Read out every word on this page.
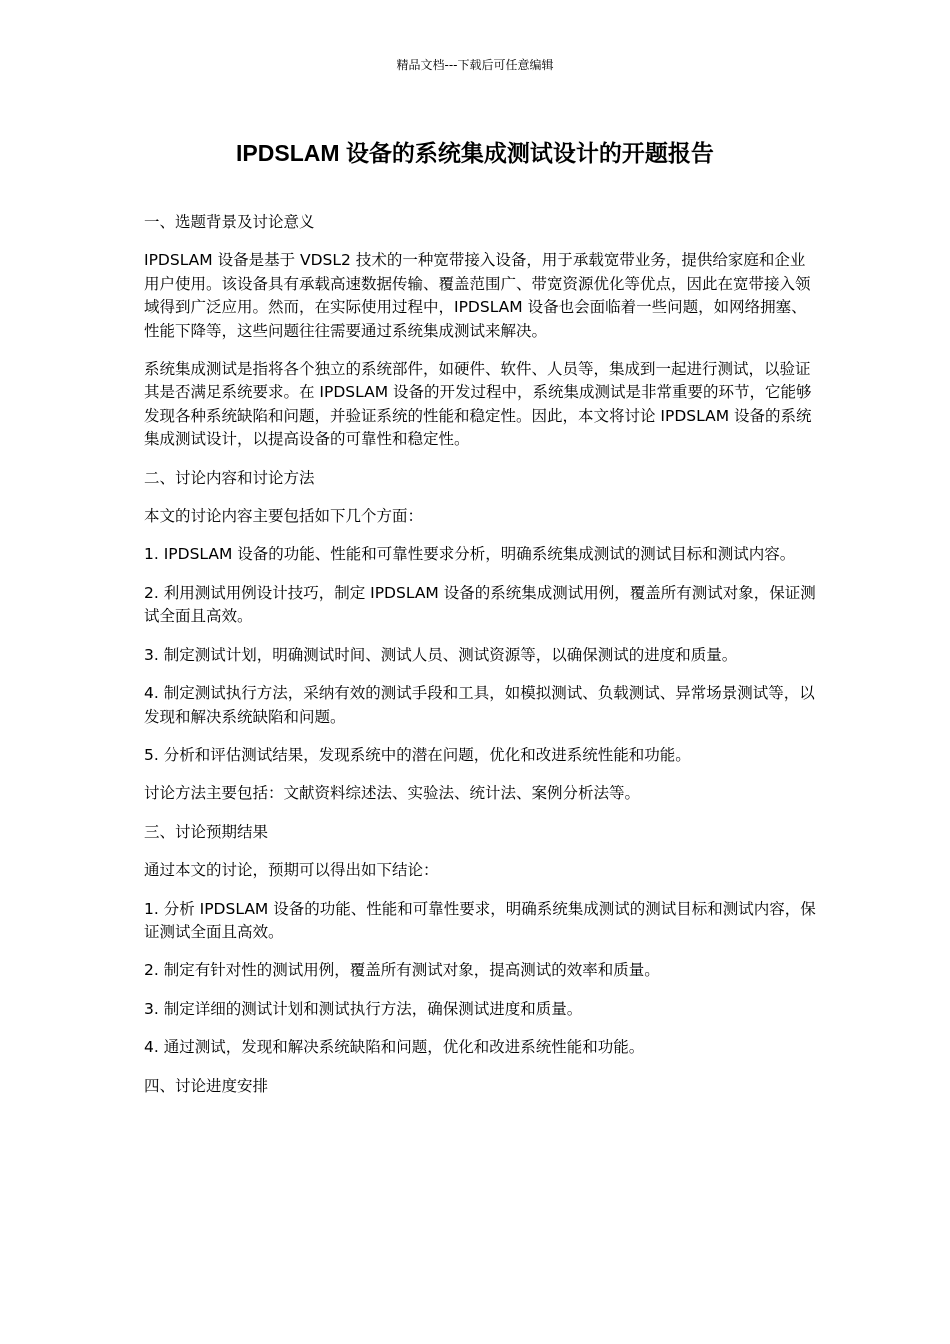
精品文档---下载后可任意编辑
IPDSLAM 设备的系统集成测试设计的开题报告

一、选题背景及讨论意义

IPDSLAM 设备是基于 VDSL2 技术的一种宽带接入设备，用于承载宽带业务，提供给家庭和企业用户使用。该设备具有承载高速数据传输、覆盖范围广、带宽资源优化等优点，因此在宽带接入领域得到广泛应用。然而，在实际使用过程中，IPDSLAM 设备也会面临着一些问题，如网络拥塞、性能下降等，这些问题往往需要通过系统集成测试来解决。

系统集成测试是指将各个独立的系统部件，如硬件、软件、人员等，集成到一起进行测试，以验证其是否满足系统要求。在 IPDSLAM 设备的开发过程中，系统集成测试是非常重要的环节，它能够发现各种系统缺陷和问题，并验证系统的性能和稳定性。因此，本文将讨论 IPDSLAM 设备的系统集成测试设计，以提高设备的可靠性和稳定性。

二、讨论内容和讨论方法

本文的讨论内容主要包括如下几个方面：

1. IPDSLAM 设备的功能、性能和可靠性要求分析，明确系统集成测试的测试目标和测试内容。

2. 利用测试用例设计技巧，制定 IPDSLAM 设备的系统集成测试用例，覆盖所有测试对象，保证测试全面且高效。

3. 制定测试计划，明确测试时间、测试人员、测试资源等，以确保测试的进度和质量。

4. 制定测试执行方法，采纳有效的测试手段和工具，如模拟测试、负载测试、异常场景测试等，以发现和解决系统缺陷和问题。

5. 分析和评估测试结果，发现系统中的潜在问题，优化和改进系统性能和功能。

讨论方法主要包括：文献资料综述法、实验法、统计法、案例分析法等。

三、讨论预期结果

通过本文的讨论，预期可以得出如下结论：

1. 分析 IPDSLAM 设备的功能、性能和可靠性要求，明确系统集成测试的测试目标和测试内容，保证测试全面且高效。

2. 制定有针对性的测试用例，覆盖所有测试对象，提高测试的效率和质量。

3. 制定详细的测试计划和测试执行方法，确保测试进度和质量。

4. 通过测试，发现和解决系统缺陷和问题，优化和改进系统性能和功能。

四、讨论进度安排
